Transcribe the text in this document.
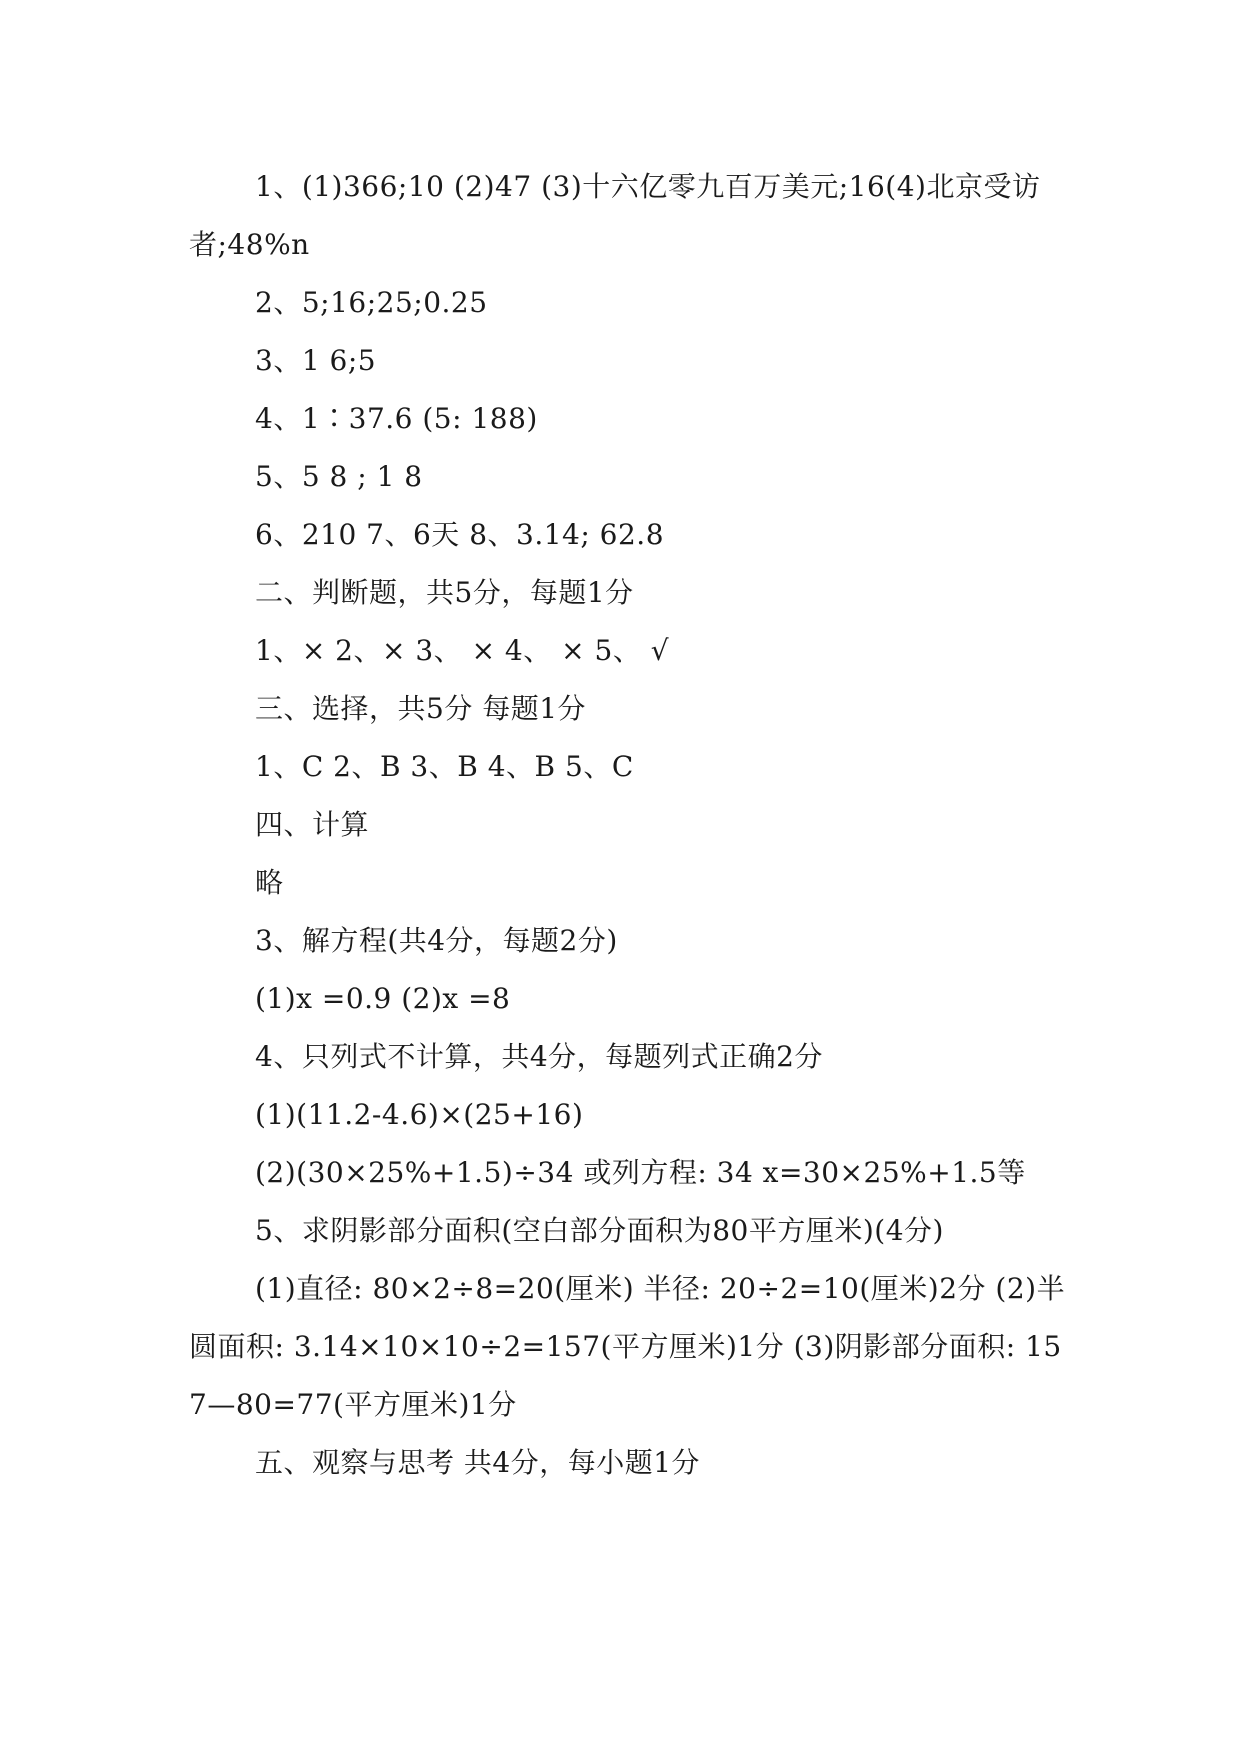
1、(1)366;10 (2)47 (3)十六亿零九百万美元;16(4)北京受访者;48%n

2、5;16;25;0.25

3、1 6;5

4、1∶37.6 (5: 188)

5、5 8 ; 1 8

6、210 7、6天 8、3.14; 62.8

二、判断题，共5分，每题1分

1、× 2、× 3、 × 4、 × 5、 √

三、选择，共5分 每题1分

1、C 2、B 3、B 4、B 5、C

四、计算

略

3、解方程(共4分，每题2分)

(1)x =0.9 (2)x =8

4、只列式不计算，共4分，每题列式正确2分

(1)(11.2-4.6)×(25+16)

(2)(30×25%+1.5)÷34 或列方程: 34 x=30×25%+1.5等

5、求阴影部分面积(空白部分面积为80平方厘米)(4分)

(1)直径: 80×2÷8=20(厘米) 半径: 20÷2=10(厘米)2分 (2)半圆面积: 3.14×10×10÷2=157(平方厘米)1分 (3)阴影部分面积: 157—80=77(平方厘米)1分

五、观察与思考 共4分，每小题1分
